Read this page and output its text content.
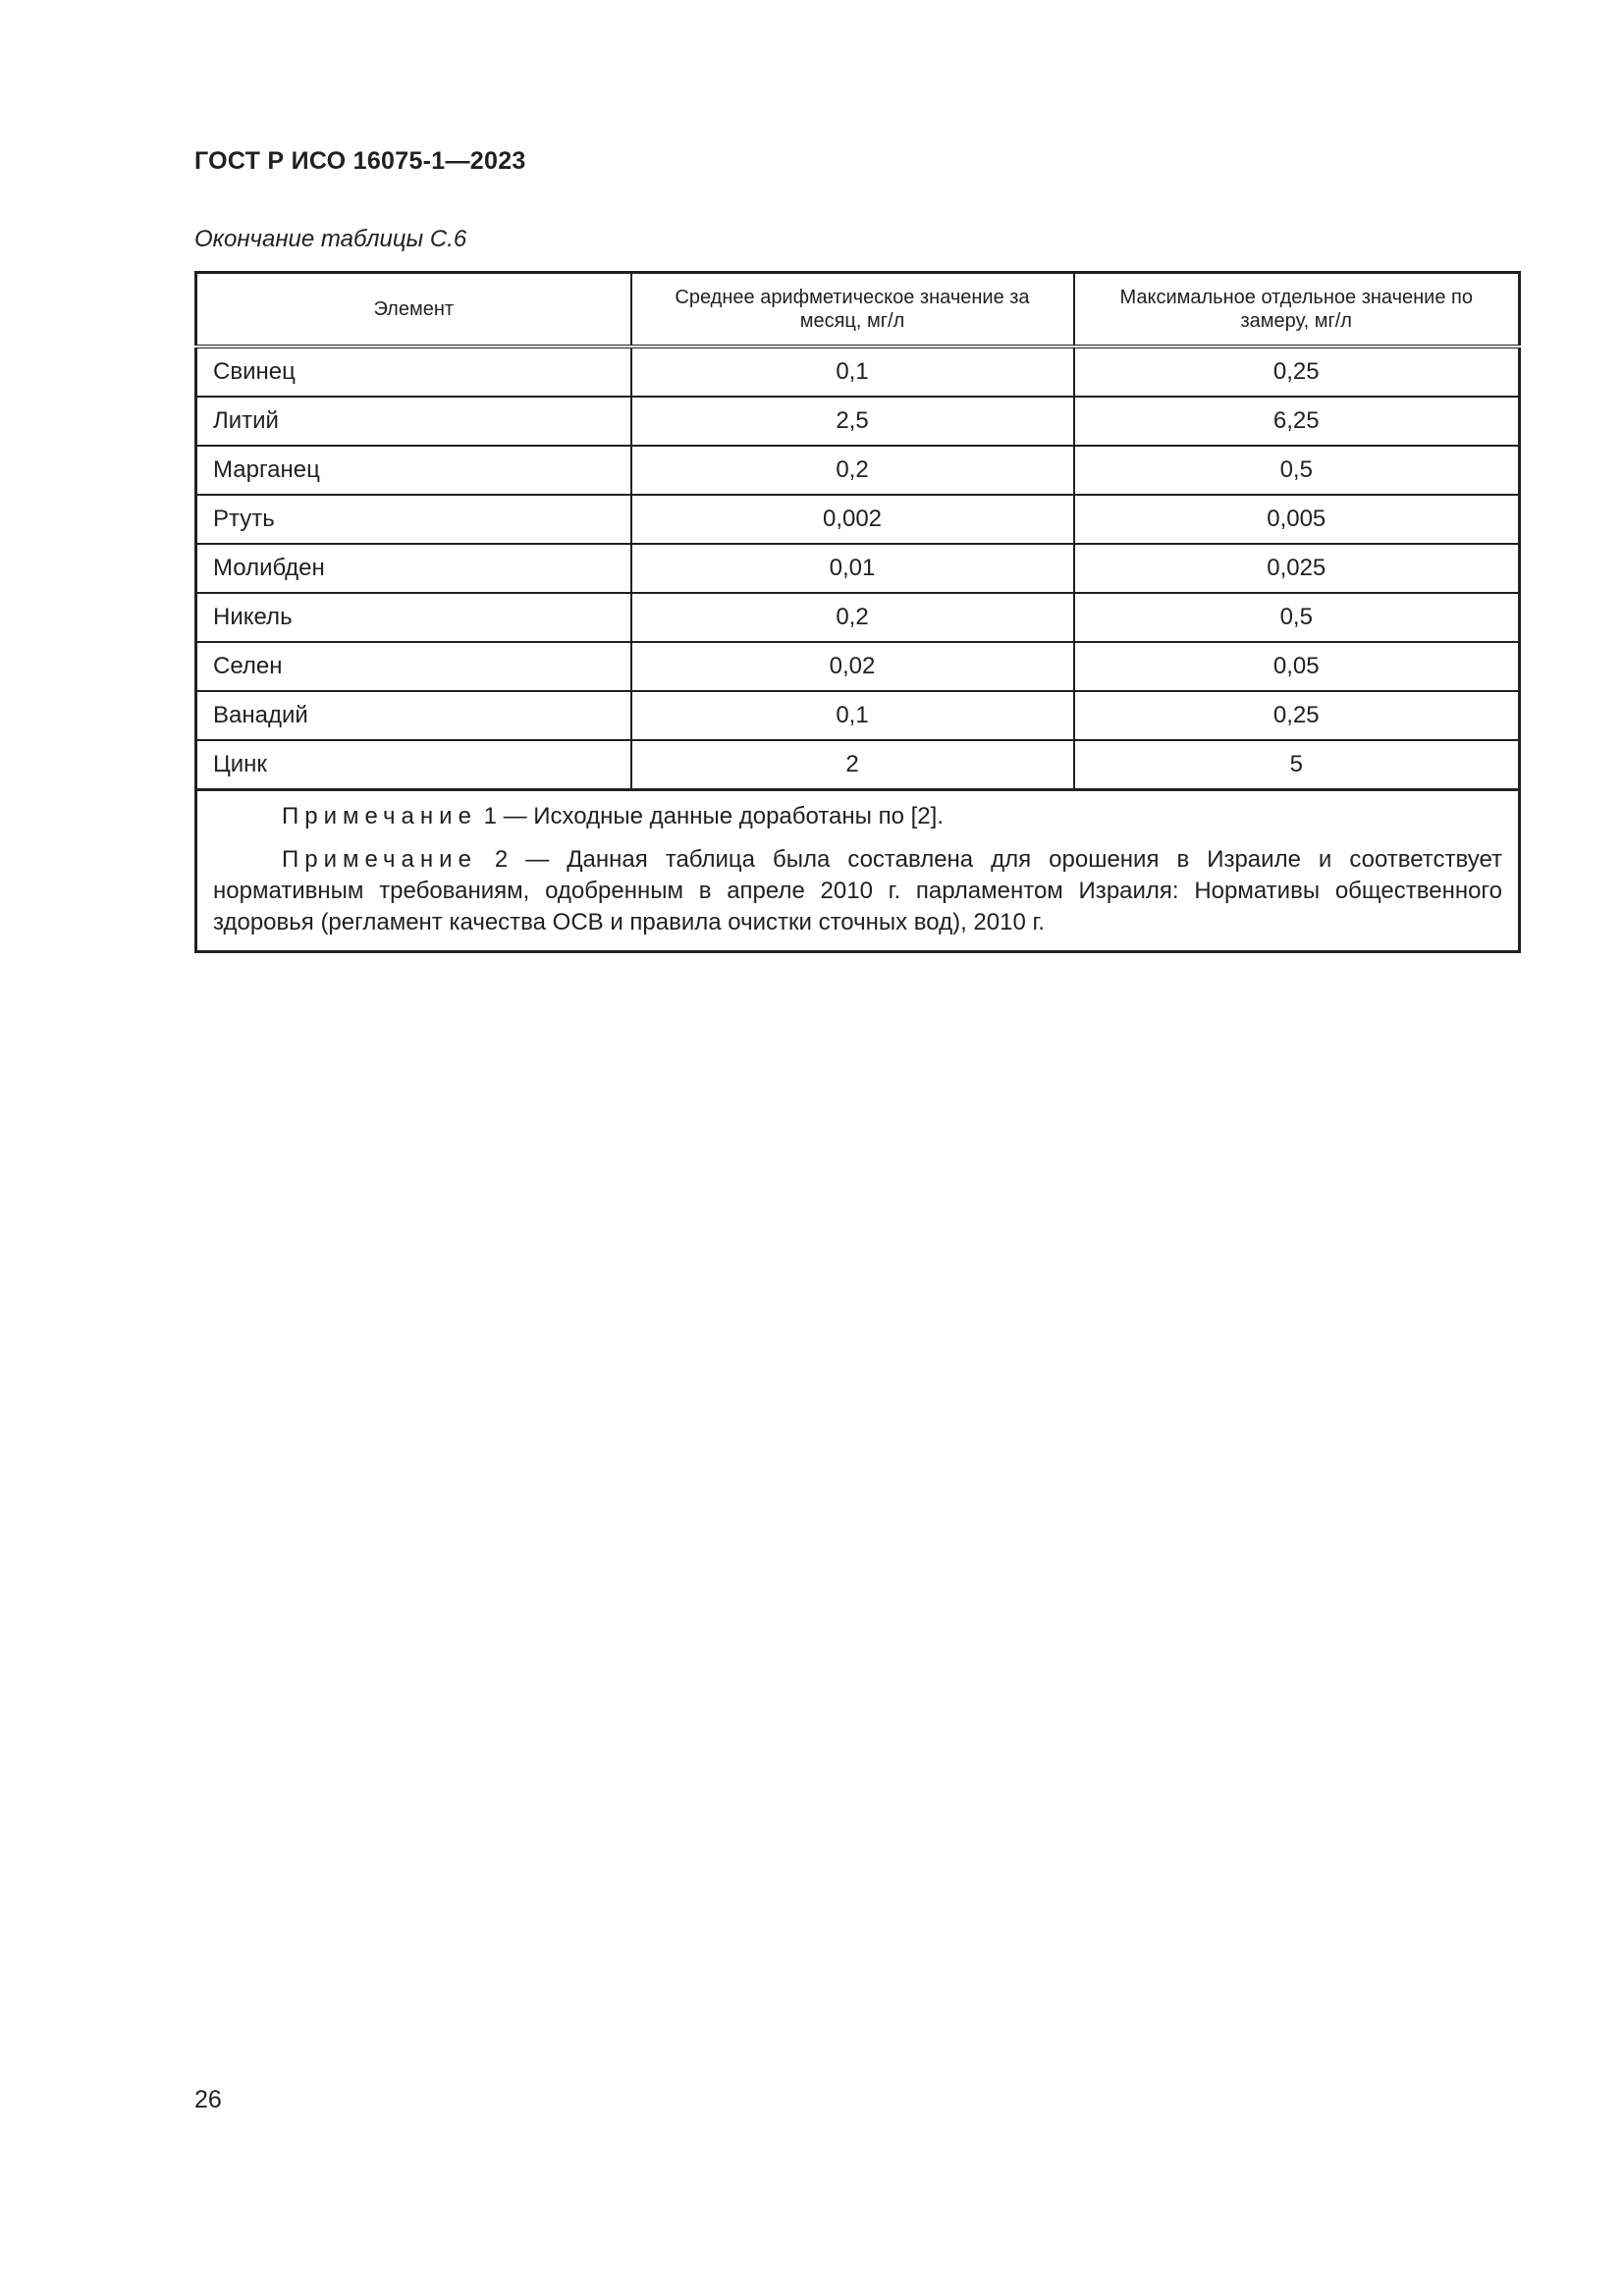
ГОСТ Р ИСО 16075-1—2023
Окончание таблицы С.6
Элемент	Среднее арифметическое значение за месяц, мг/л	Максимальное отдельное значение по замеру, мг/л
Свинец	0,1	0,25
Литий	2,5	6,25
Марганец	0,2	0,5
Ртуть	0,002	0,005
Молибден	0,01	0,025
Никель	0,2	0,5
Селен	0,02	0,05
Ванадий	0,1	0,25
Цинк	2	5

Примечание 1 — Исходные данные доработаны по [2].

Примечание 2 — Данная таблица была составлена для орошения в Израиле и соответствует нормативным требованиям, одобренным в апреле 2010 г. парламентом Израиля: Нормативы общественного здоровья (регламент качества ОСВ и правила очистки сточных вод), 2010 г.		

26
